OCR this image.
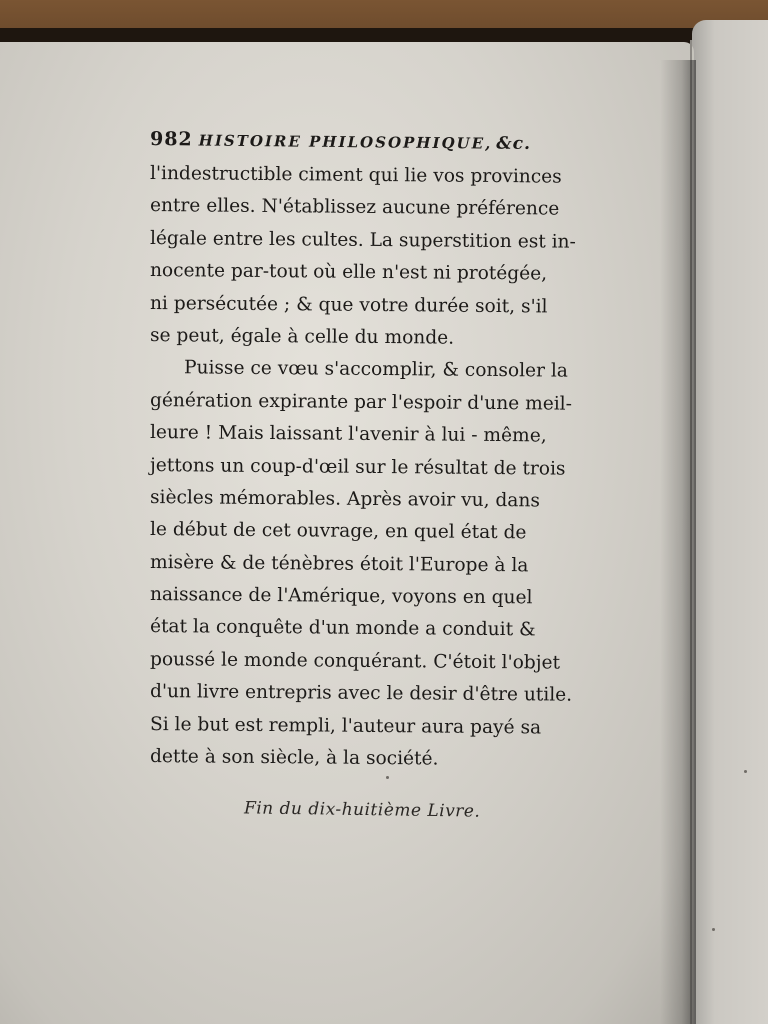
982 HISTOIRE PHILOSOPHIQUE, &c.
l'indestructible ciment qui lie vos provinces
entre elles. N'établissez aucune préférence
légale entre les cultes. La superstition est in-
nocente par-tout où elle n'est ni protégée,
ni persécutée ; & que votre durée soit, s'il
se peut, égale à celle du monde.
Puisse ce vœu s'accomplir, & consoler la
génération expirante par l'espoir d'une meil-
leure ! Mais laissant l'avenir à lui - même,
jettons un coup-d'œil sur le résultat de trois
siècles mémorables. Après avoir vu, dans
le début de cet ouvrage, en quel état de
misère & de ténèbres étoit l'Europe à la
naissance de l'Amérique, voyons en quel
état la conquête d'un monde a conduit &
poussé le monde conquérant. C'étoit l'objet
d'un livre entrepris avec le desir d'être utile.
Si le but est rempli, l'auteur aura payé sa
dette à son siècle, à la société.
Fin du dix-huitième Livre.
